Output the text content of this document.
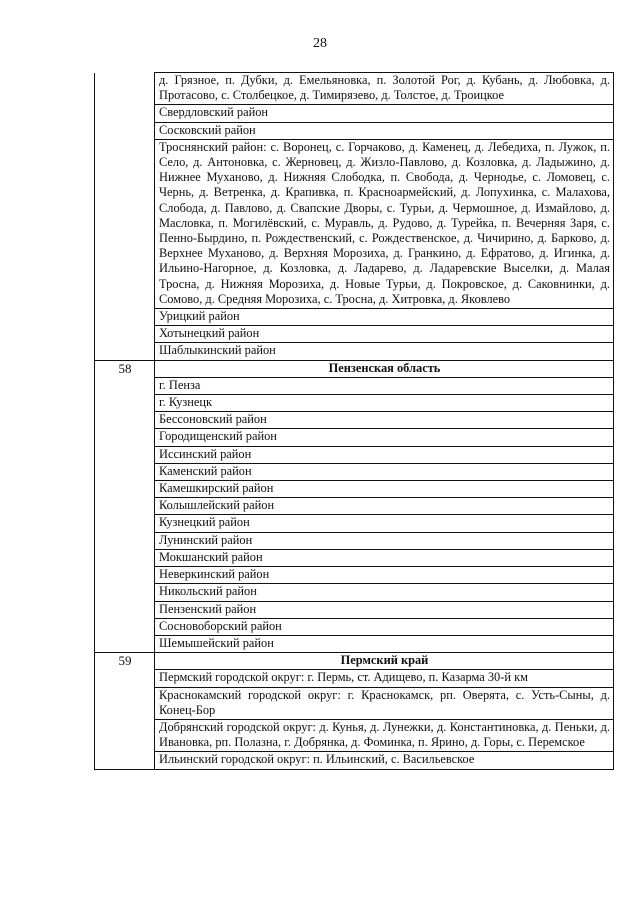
28
	д. Грязное, п. Дубки, д. Емельяновка, п. Золотой Рог, д. Кубань, д. Любовка, д. Протасово, с. Столбецкое, д. Тимирязево, д. Толстое, д. Троицкое
	Свердловский район
	Сосковский район
	Троснянский район: с. Воронец, с. Горчаково, д. Каменец, д. Лебедиха, п. Лужок, п. Село, д. Антоновка, с. Жерновец, д. Жизло-Павлово, д. Козловка, д. Ладыжино, д. Нижнее Муханово, д. Нижняя Слободка, п. Свобода, д. Чернодье, с. Ломовец, с. Чернь, д. Ветренка, д. Крапивка, п. Красноармейский, д. Лопухинка, с. Малахова, Слобода, д. Павлово, д. Свапские Дворы, с. Турьи, д. Чермошное, д. Измайлово, д. Масловка, п. Могилёвский, с. Муравль, д. Рудово, д. Турейка, п. Вечерняя Заря, с. Пенно-Бырдино, п. Рождественский, с. Рождественское, д. Чичирино, д. Барково, д. Верхнее Муханово, д. Верхняя Морозиха, д. Гранкино, д. Ефратово, д. Игинка, д. Ильино-Нагорное, д. Козловка, д. Ладарево, д. Ладаревские Выселки, д. Малая Тросна, д. Нижняя Морозиха, д. Новые Турьи, д. Покровское, д. Саковнинки, д. Сомово, д. Средняя Морозиха, с. Тросна, д. Хитровка, д. Яковлево
	Урицкий район
	Хотынецкий район
	Шаблыкинский район
58	Пензенская область
	г. Пенза
	г. Кузнецк
	Бессоновский район
	Городищенский район
	Иссинский район
	Каменский район
	Камешкирский район
	Колышлейский район
	Кузнецкий район
	Лунинский район
	Мокшанский район
	Неверкинский район
	Никольский район
	Пензенский район
	Сосновоборский район
	Шемышейский район
59	Пермский край
	Пермский городской округ: г. Пермь, ст. Адищево, п. Казарма 30-й км
	Краснокамский городской округ: г. Краснокамск, рп. Оверята, с. Усть-Сыны, д. Конец-Бор
	Добрянский городской округ: д. Кунья, д. Лунежки, д. Константиновка, д. Пеньки, д. Ивановка, рп. Полазна, г. Добрянка, д. Фоминка, п. Ярино, д. Горы, с. Перемское
	Ильинский городской округ: п. Ильинский, с. Васильевское
